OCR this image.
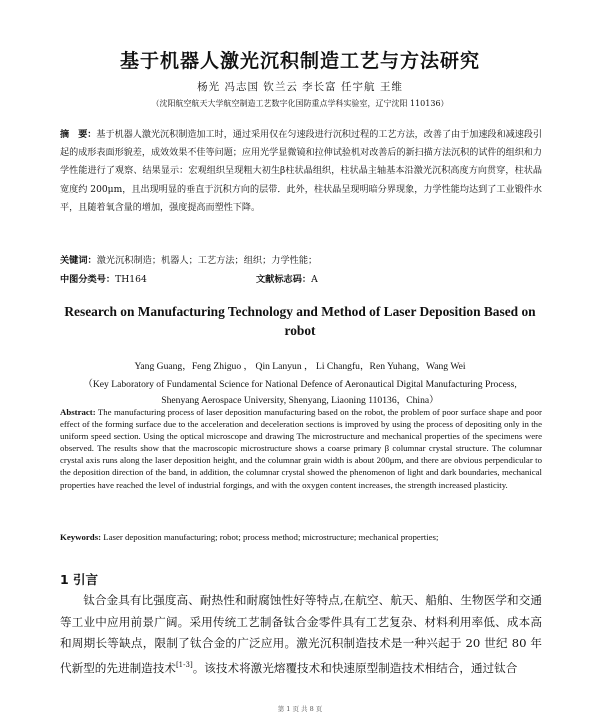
基于机器人激光沉积制造工艺与方法研究
杨光 冯志国 钦兰云 李长富 任宇航 王维
（沈阳航空航天大学航空制造工艺数字化国防重点学科实验室，辽宁沈阳 110136）
摘　要：基于机器人激光沉积制造加工时，通过采用仅在匀速段进行沉积过程的工艺方法，改善了由于加速段和减速段引起的成形表面形貌差，成效效果不佳等问题；应用光学显微镜和拉伸试验机对改善后的新扫描方法沉积的试件的组织和力学性能进行了观察、结果显示：宏观组织呈现粗大初生β柱状晶组织，柱状晶主轴基本沿激光沉积高度方向贯穿，柱状晶宽度约 200μm，且出现明显的垂直于沉积方向的层带．此外，柱状晶呈现明暗分界现象，力学性能均达到了工业锻件水平，且随着氧含量的增加，强度提高而塑性下降。
关键词：激光沉积制造；机器人；工艺方法；组织；力学性能；
中图分类号：TH164	文献标志码：A
Research on Manufacturing Technology and Method of Laser Deposition Based on robot
Yang Guang，Feng Zhiguo ， Qin Lanyun ， Li Changfu，Ren Yuhang，Wang Wei
（Key Laboratory of Fundamental Science for National Defence of Aeronautical Digital Manufacturing Process, Shenyang Aerospace University, Shenyang, Liaoning 110136，China）
Abstract: The manufacturing process of laser deposition manufacturing based on the robot, the problem of poor surface shape and poor effect of the forming surface due to the acceleration and deceleration sections is improved by using the process of depositing only in the uniform speed section. Using the optical microscope and drawing The microstructure and mechanical properties of the specimens were observed. The results show that the macroscopic microstructure shows a coarse primary β columnar crystal structure. The columnar crystal axis runs along the laser deposition height, and the columnar grain width is about 200μm, and there are obvious perpendicular to the deposition direction of the band, in addition, the columnar crystal showed the phenomenon of light and dark boundaries, mechanical properties have reached the level of industrial forgings, and with the oxygen content increases, the strength increased plasticity.
Keywords: Laser deposition manufacturing; robot; process method; microstructure; mechanical properties;
1 引言
钛合金具有比强度高、耐热性和耐腐蚀性好等特点,在航空、航天、船舶、生物医学和交通等工业中应用前景广阔。采用传统工艺制备钛合金零件具有工艺复杂、材料利用率低、成本高和周期长等缺点，限制了钛合金的广泛应用。激光沉积制造技术是一种兴起于 20 世纪 80 年代新型的先进制造技术[1-3]。该技术将激光熔覆技术和快速原型制造技术相结合，通过钛合
第 1 页 共 8 页
